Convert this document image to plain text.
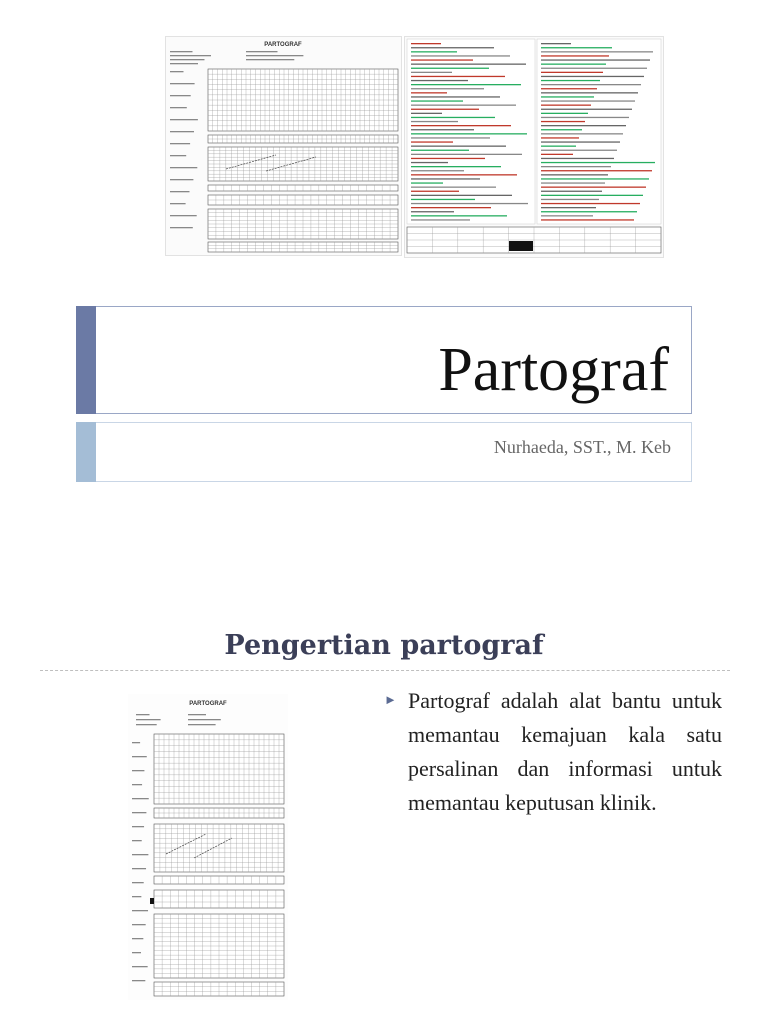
PARTOGRAF
Partograf
Nurhaeda, SST., M. Keb
Pengertian partograf
PARTOGRAF	► Partograf adalah alat bantu untuk memantau kemajuan kala satu persalinan dan informasi untuk memantau keputusan klinik.
